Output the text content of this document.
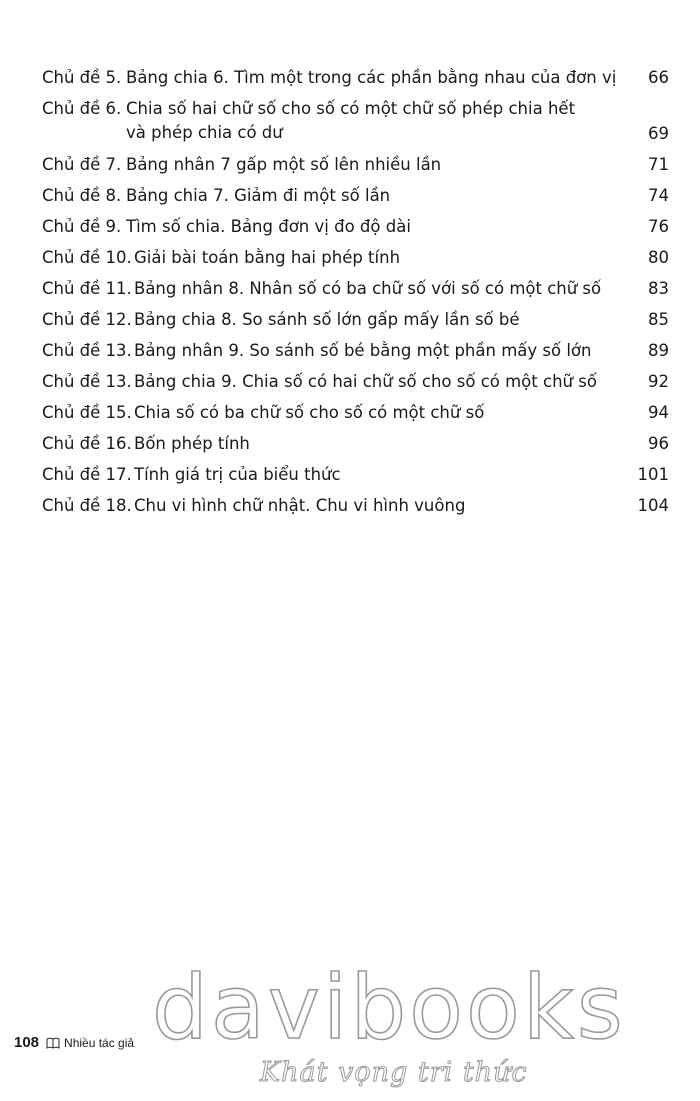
Chủ đề 5. Bảng chia 6. Tìm một trong các phần bằng nhau của đơn vị 66
Chủ đề 6. Chia số hai chữ số cho số có một chữ số phép chia hết
và phép chia có dư	69
Chủ đề 7. Bảng nhân 7 gấp một số lên nhiều lần	71
Chủ đề 8. Bảng chia 7. Giảm đi một số lần	74
Chủ đề 9. Tìm số chia. Bảng đơn vị đo độ dài	76
Chủ đề 10. Giải bài toán bằng hai phép tính	80
Chủ đề 11. Bảng nhân 8. Nhân số có ba chữ số với số có một chữ số	83
Chủ đề 12. Bảng chia 8. So sánh số lớn gấp mấy lần số bé	85
Chủ đề 13. Bảng nhân 9. So sánh số bé bằng một phần mấy số lớn	89
Chủ đề 13. Bảng chia 9. Chia số có hai chữ số cho số có một chữ số	92
Chủ đề 15. Chia số có ba chữ số cho số có một chữ số	94
Chủ đề 16. Bốn phép tính	96
Chủ đề 17. Tính giá trị của biểu thức	101
Chủ đề 18. Chu vi hình chữ nhật. Chu vi hình vuông	104
108 Nhiều tác giả davibooks
Khát vọng tri thức
